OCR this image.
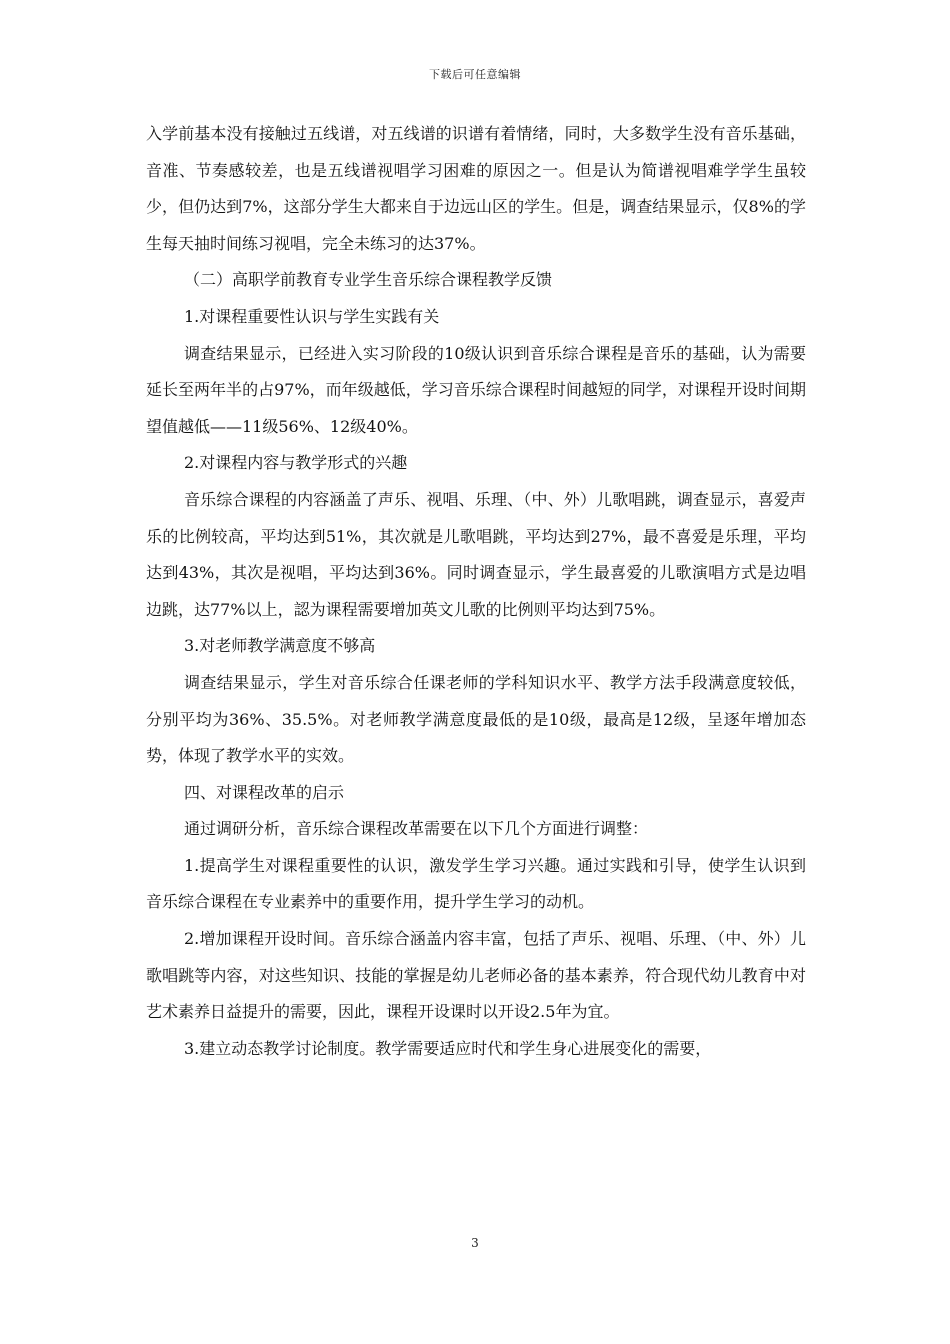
下载后可任意编辑

入学前基本没有接触过五线谱，对五线谱的识谱有着情绪，同时，大多数学生没有音乐基础，音准、节奏感较差，也是五线谱视唱学习困难的原因之一。但是认为简谱视唱难学学生虽较少，但仍达到7%，这部分学生大都来自于边远山区的学生。但是，调查结果显示，仅8%的学生每天抽时间练习视唱，完全未练习的达37%。

（二）高职学前教育专业学生音乐综合课程教学反馈

1.对课程重要性认识与学生实践有关

调查结果显示，已经进入实习阶段的10级认识到音乐综合课程是音乐的基础，认为需要延长至两年半的占97%，而年级越低，学习音乐综合课程时间越短的同学，对课程开设时间期望值越低——11级56%、12级40%。

2.对课程内容与教学形式的兴趣

音乐综合课程的内容涵盖了声乐、视唱、乐理、（中、外）儿歌唱跳，调查显示，喜爱声乐的比例较高，平均达到51%，其次就是儿歌唱跳，平均达到27%，最不喜爱是乐理，平均达到43%，其次是视唱，平均达到36%。同时调查显示，学生最喜爱的儿歌演唱方式是边唱边跳，达77%以上，認为课程需要增加英文儿歌的比例则平均达到75%。

3.对老师教学满意度不够高

调查结果显示，学生对音乐综合任课老师的学科知识水平、教学方法手段满意度较低，分别平均为36%、35.5%。对老师教学满意度最低的是10级，最高是12级，呈逐年增加态势，体现了教学水平的实效。

四、对课程改革的启示

通过调研分析，音乐综合课程改革需要在以下几个方面进行调整：

1.提高学生对课程重要性的认识，激发学生学习兴趣。通过实践和引导，使学生认识到音乐综合课程在专业素养中的重要作用，提升学生学习的动机。

2.增加课程开设时间。音乐综合涵盖内容丰富，包括了声乐、视唱、乐理、（中、外）儿歌唱跳等内容，对这些知识、技能的掌握是幼儿老师必备的基本素养，符合现代幼儿教育中对艺术素养日益提升的需要，因此，课程开设课时以开设2.5年为宜。

3.建立动态教学讨论制度。教学需要适应时代和学生身心进展变化的需要，

3
